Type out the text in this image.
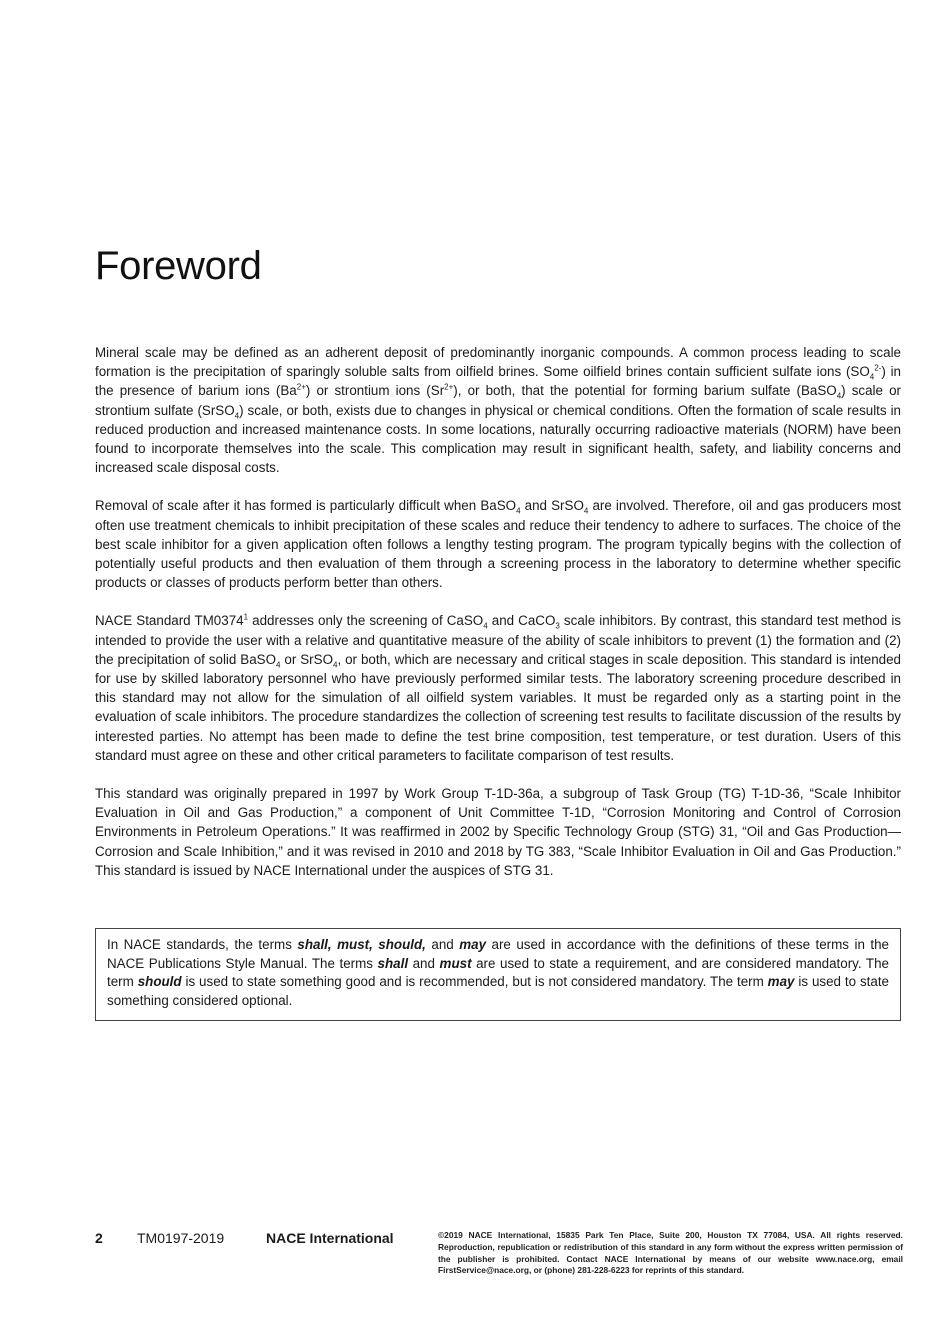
Foreword

Mineral scale may be defined as an adherent deposit of predominantly inorganic compounds. A common process leading to scale formation is the precipitation of sparingly soluble salts from oilfield brines. Some oilfield brines contain sufficient sulfate ions $(SO_4^{2-})$ in the presence of barium ions $(Ba^{2+})$ or strontium ions $(Sr^{2+})$, or both, that the potential for forming barium sulfate (BaSO$_4$) scale or strontium sulfate (SrSO$_4$) scale, or both, exists due to changes in physical or chemical conditions. Often the formation of scale results in reduced production and increased maintenance costs. In some locations, naturally occurring radioactive materials (NORM) have been found to incorporate themselves into the scale. This complication may result in significant health, safety, and liability concerns and increased scale disposal costs.

Removal of scale after it has formed is particularly difficult when BaSO$_4$ and SrSO$_4$ are involved. Therefore, oil and gas producers most often use treatment chemicals to inhibit precipitation of these scales and reduce their tendency to adhere to surfaces. The choice of the best scale inhibitor for a given application often follows a lengthy testing program. The program typically begins with the collection of potentially useful products and then evaluation of them through a screening process in the laboratory to determine whether specific products or classes of products perform better than others.

NACE Standard TM0374$^1$ addresses only the screening of CaSO$_4$ and CaCO$_3$ scale inhibitors. By contrast, this standard test method is intended to provide the user with a relative and quantitative measure of the ability of scale inhibitors to prevent (1) the formation and (2) the precipitation of solid BaSO$_4$ or SrSO$_4$, or both, which are necessary and critical stages in scale deposition. This standard is intended for use by skilled laboratory personnel who have previously performed similar tests. The laboratory screening procedure described in this standard may not allow for the simulation of all oilfield system variables. It must be regarded only as a starting point in the evaluation of scale inhibitors. The procedure standardizes the collection of screening test results to facilitate discussion of the results by interested parties. No attempt has been made to define the test brine composition, test temperature, or test duration. Users of this standard must agree on these and other critical parameters to facilitate comparison of test results.

This standard was originally prepared in 1997 by Work Group T-1D-36a, a subgroup of Task Group (TG) T-1D-36, “Scale Inhibitor Evaluation in Oil and Gas Production,” a component of Unit Committee T-1D, “Corrosion Monitoring and Control of Corrosion Environments in Petroleum Operations.” It was reaffirmed in 2002 by Specific Technology Group (STG) 31, “Oil and Gas Production—Corrosion and Scale Inhibition,” and it was revised in 2010 and 2018 by TG 383, “Scale Inhibitor Evaluation in Oil and Gas Production.” This standard is issued by NACE International under the auspices of STG 31.

In NACE standards, the terms shall, must, should, and may are used in accordance with the definitions of these terms in the NACE Publications Style Manual. The terms shall and must are used to state a requirement, and are considered mandatory. The term should is used to state something good and is recommended, but is not considered mandatory. The term may is used to state something considered optional.

2 TM0197-2019	NACE International	©2019 NACE International, 15835 Park Ten Place, Suite 200, Houston TX 77084, USA. All rights reserved. Reproduction, republication or redistribution of this standard in any form without the express written permission of the publisher is prohibited. Contact NACE International by means of our website www.nace.org, email FirstService@nace.org, or (phone) 281-228-6223 for reprints of this standard.
